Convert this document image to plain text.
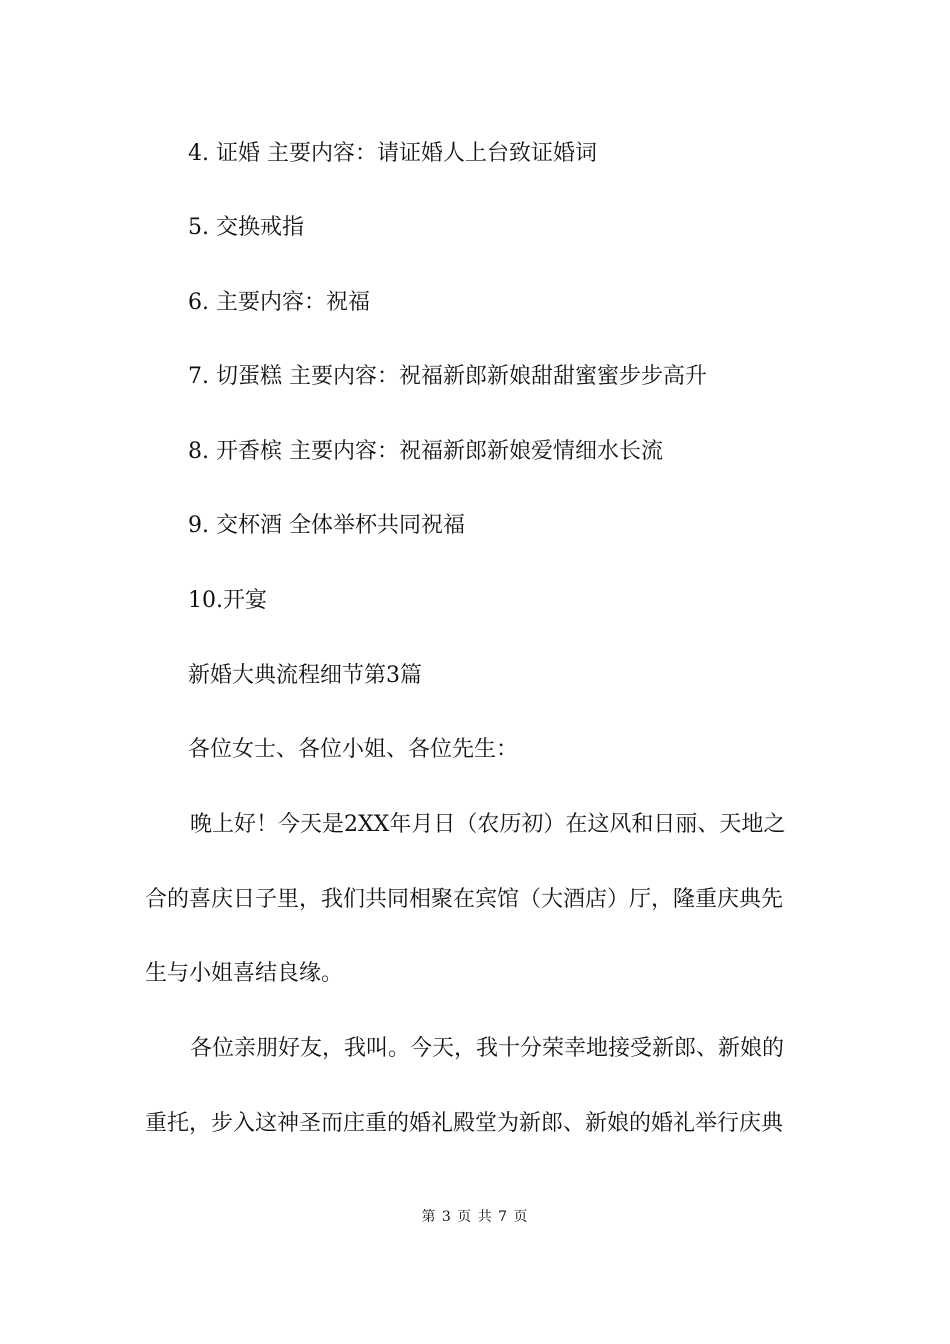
4. 证婚 主要内容：请证婚人上台致证婚词
5. 交换戒指
6. 主要内容：祝福
7. 切蛋糕 主要内容：祝福新郎新娘甜甜蜜蜜步步高升
8. 开香槟 主要内容：祝福新郎新娘爱情细水长流
9. 交杯酒 全体举杯共同祝福
10.开宴
新婚大典流程细节第3篇
各位女士、各位小姐、各位先生：
晚上好！今天是2XX年月日（农历初）在这风和日丽、天地之
合的喜庆日子里，我们共同相聚在宾馆（大酒店）厅，隆重庆典先
生与小姐喜结良缘。
各位亲朋好友，我叫。今天，我十分荣幸地接受新郎、新娘的
重托，步入这神圣而庄重的婚礼殿堂为新郎、新娘的婚礼举行庆典
第 3 页 共 7 页
